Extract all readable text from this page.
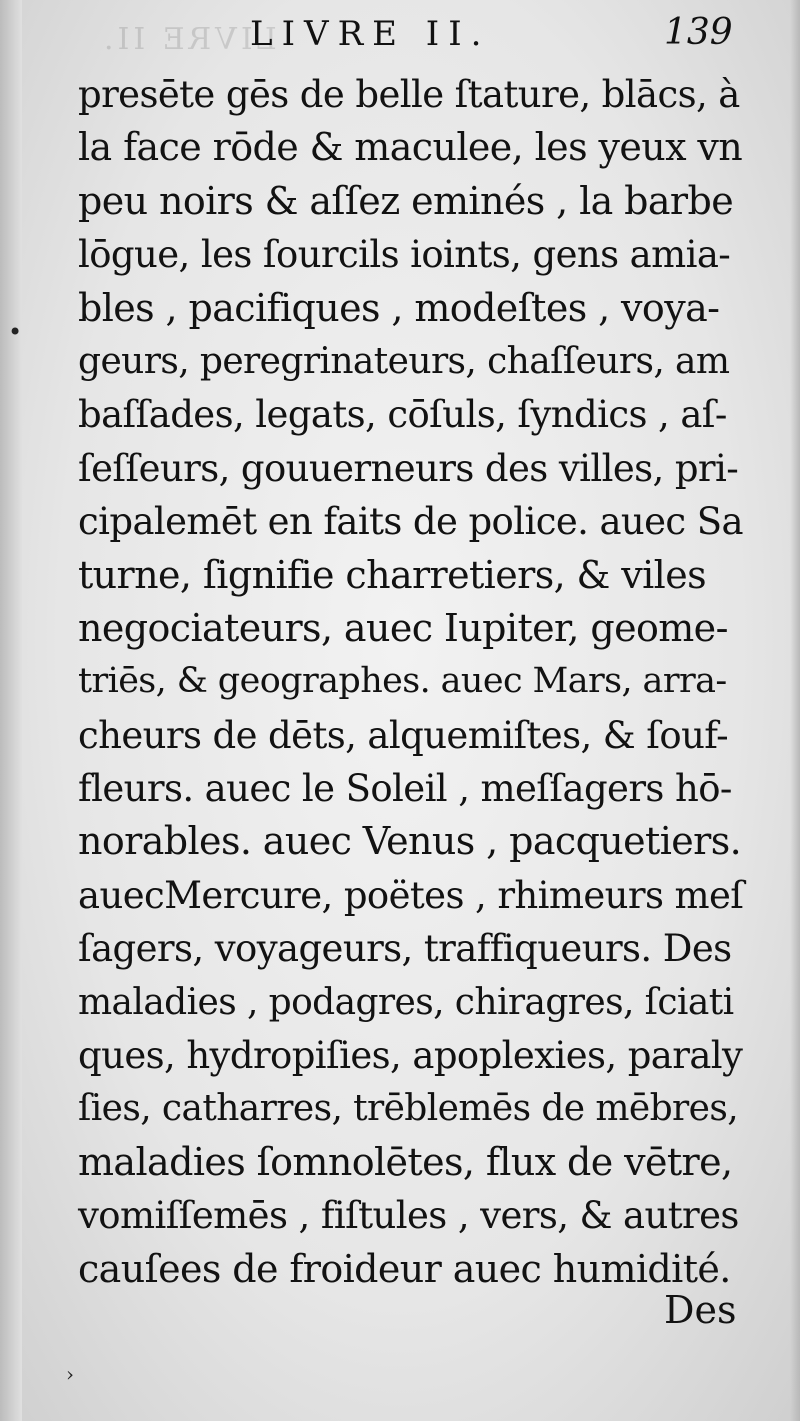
LIVRE II.
LIVRE II.	139
presēte gēs de belle ſtature, blācs, à
la face rōde & maculee, les yeux vn
peu noirs & aſſez eminés , la barbe
lōgue, les ſourcils ioints, gens amia-
bles , pacifiques , modeſtes , voya-
geurs, peregrinateurs, chaſſeurs, am
baſſades, legats, cōſuls, ſyndics , aſ-
ſeſſeurs, gouuerneurs des villes, pri-
cipalemēt en faits de police. auec Sa
turne, ſignifie charretiers, & viles
negociateurs, auec Iupiter, geome-
triēs, & geographes. auec Mars, arra-
cheurs de dēts, alquemiſtes, & ſouf-
fleurs. auec le Soleil , meſſagers hō-
norables. auec Venus , pacquetiers.
auecMercure, poëtes , rhimeurs meſ
ſagers, voyageurs, traffiqueurs. Des
maladies , podagres, chiragres, ſciati
ques, hydropiſies, apoplexies, paraly
ſies, catharres, trēblemēs de mēbres,
maladies ſomnolētes, flux de vētre,
vomiſſemēs , fiſtules , vers, & autres
cauſees de froideur auec humidité.
Des
•
›
